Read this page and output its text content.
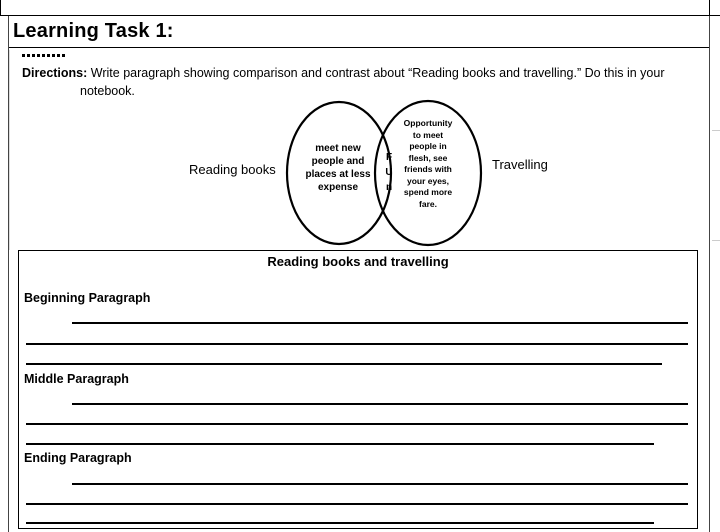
Learning Task 1:
Directions: Write paragraph showing comparison and contrast about “Reading books and travelling.” Do this in your
notebook.
Reading books	Travelling
meet new
people and
places at less
expense
F
U
n
Opportunity
to meet
people in
flesh, see
friends with
your eyes,
spend more
fare.
Reading books and travelling
Beginning Paragraph
Middle Paragraph
Ending Paragraph
